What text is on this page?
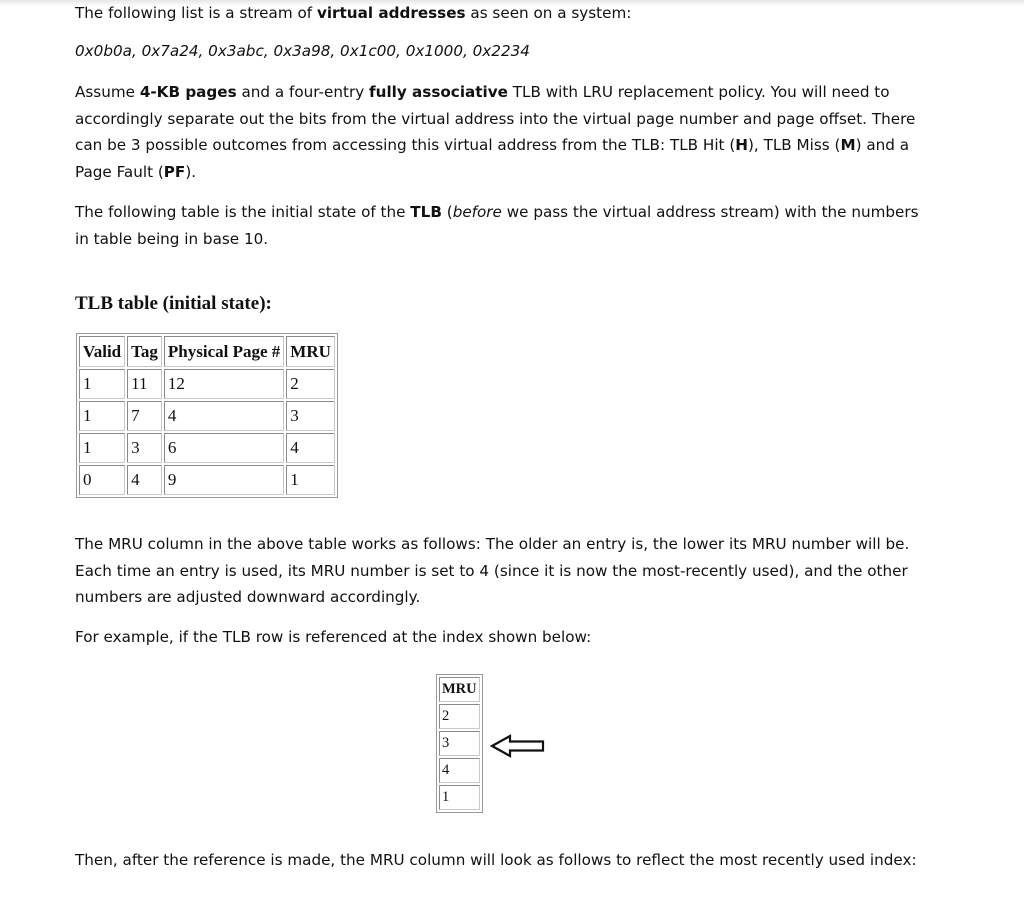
The following list is a stream of virtual addresses as seen on a system:

0x0b0a, 0x7a24, 0x3abc, 0x3a98, 0x1c00, 0x1000, 0x2234

Assume 4-KB pages and a four-entry fully associative TLB with LRU replacement policy. You will need to accordingly separate out the bits from the virtual address into the virtual page number and page offset. There can be 3 possible outcomes from accessing this virtual address from the TLB: TLB Hit (H), TLB Miss (M) and a Page Fault (PF).

The following table is the initial state of the TLB (before we pass the virtual address stream) with the numbers in table being in base 10.

TLB table (initial state):
Valid	Tag	Physical Page #	MRU
1	11	12	2
1	7	4	3
1	3	6	4
0	4	9	1

The MRU column in the above table works as follows: The older an entry is, the lower its MRU number will be. Each time an entry is used, its MRU number is set to 4 (since it is now the most-recently used), and the other numbers are adjusted downward accordingly.

For example, if the TLB row is referenced at the index shown below:

MRU
2
3
4
1

Then, after the reference is made, the MRU column will look as follows to reflect the most recently used index:
